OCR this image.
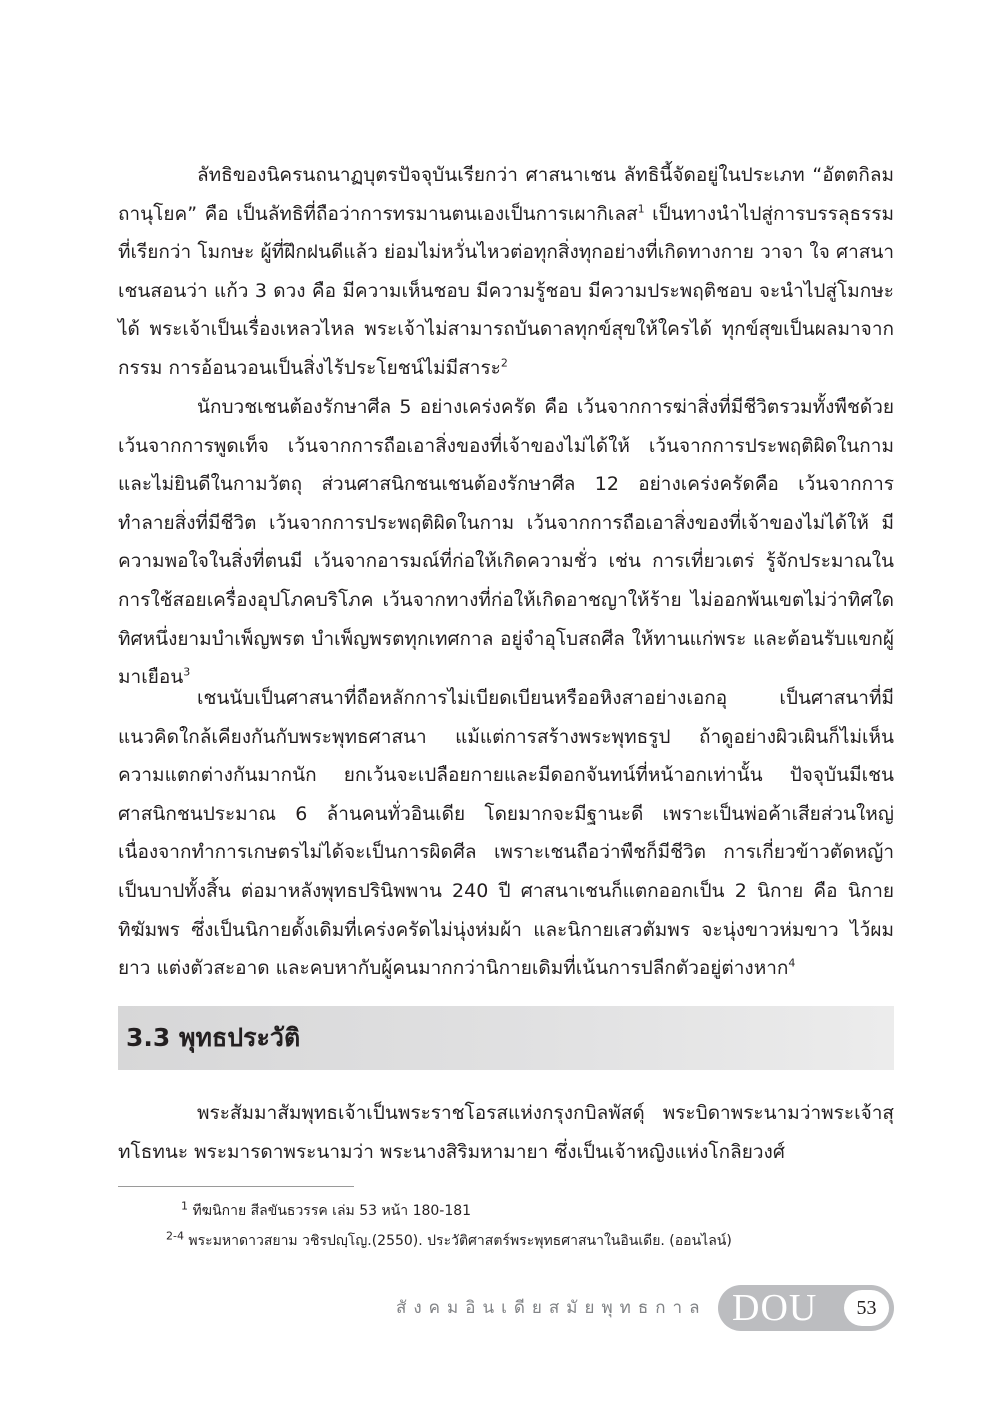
ลัทธิของนิครนถนาฏบุตรปัจจุบันเรียกว่า ศาสนาเชน ลัทธินี้จัดอยู่ในประเภท “อัตตกิลมถานุโยค” คือ เป็นลัทธิที่ถือว่าการทรมานตนเองเป็นการเผากิเลส$^1$ เป็นทางนำไปสู่การบรรลุธรรมที่เรียกว่า โมกษะ ผู้ที่ฝึกฝนดีแล้ว ย่อมไม่หวั่นไหวต่อทุกสิ่งทุกอย่างที่เกิดทางกาย วาจา ใจ ศาสนาเชนสอนว่า แก้ว 3 ดวง คือ มีความเห็นชอบ มีความรู้ชอบ มีความประพฤติชอบ จะนำไปสู่โมกษะได้ พระเจ้าเป็นเรื่องเหลวไหล พระเจ้าไม่สามารถบันดาลทุกข์สุขให้ใครได้ ทุกข์สุขเป็นผลมาจากกรรม การอ้อนวอนเป็นสิ่งไร้ประโยชน์ไม่มีสาระ$^2$

นักบวชเชนต้องรักษาศีล 5 อย่างเคร่งครัด คือ เว้นจากการฆ่าสิ่งที่มีชีวิตรวมทั้งพืชด้วย เว้นจากการพูดเท็จ เว้นจากการถือเอาสิ่งของที่เจ้าของไม่ได้ให้ เว้นจากการประพฤติผิดในกาม และไม่ยินดีในกามวัตถุ ส่วนศาสนิกชนเชนต้องรักษาศีล 12 อย่างเคร่งครัดคือ เว้นจากการทำลายสิ่งที่มีชีวิต เว้นจากการประพฤติผิดในกาม เว้นจากการถือเอาสิ่งของที่เจ้าของไม่ได้ให้ มีความพอใจในสิ่งที่ตนมี เว้นจากอารมณ์ที่ก่อให้เกิดความชั่ว เช่น การเที่ยวเตร่ รู้จักประมาณในการใช้สอยเครื่องอุปโภคบริโภค เว้นจากทางที่ก่อให้เกิดอาชญาให้ร้าย ไม่ออกพ้นเขตไม่ว่าทิศใดทิศหนึ่งยามบำเพ็ญพรต บำเพ็ญพรตทุกเทศกาล อยู่จำอุโบสถศีล ให้ทานแก่พระ และต้อนรับแขกผู้มาเยือน$^3$

เชนนับเป็นศาสนาที่ถือหลักการไม่เบียดเบียนหรืออหิงสาอย่างเอกอุ เป็นศาสนาที่มีแนวคิดใกล้เคียงกันกับพระพุทธศาสนา แม้แต่การสร้างพระพุทธรูป ถ้าดูอย่างผิวเผินก็ไม่เห็นความแตกต่างกันมากนัก ยกเว้นจะเปลือยกายและมีดอกจันทน์ที่หน้าอกเท่านั้น ปัจจุบันมีเชนศาสนิกชนประมาณ 6 ล้านคนทั่วอินเดีย โดยมากจะมีฐานะดี เพราะเป็นพ่อค้าเสียส่วนใหญ่ เนื่องจากทำการเกษตรไม่ได้จะเป็นการผิดศีล เพราะเชนถือว่าพืชก็มีชีวิต การเกี่ยวข้าวตัดหญ้าเป็นบาปทั้งสิ้น ต่อมาหลังพุทธปรินิพพาน 240 ปี ศาสนาเชนก็แตกออกเป็น 2 นิกาย คือ นิกายทิฆัมพร ซึ่งเป็นนิกายดั้งเดิมที่เคร่งครัดไม่นุ่งห่มผ้า และนิกายเสวตัมพร จะนุ่งขาวห่มขาว ไว้ผมยาว แต่งตัวสะอาด และคบหากับผู้คนมากกว่านิกายเดิมที่เน้นการปลีกตัวอยู่ต่างหาก$^4$

3.3 พุทธประวัติ

พระสัมมาสัมพุทธเจ้าเป็นพระราชโอรสแห่งกรุงกบิลพัสดุ์ พระบิดาพระนามว่าพระเจ้าสุทโธทนะ พระมารดาพระนามว่า พระนางสิริมหามายา ซึ่งเป็นเจ้าหญิงแห่งโกลิยวงศ์

$^1$ ทีฆนิกาย สีลขันธวรรค เล่ม 53 หน้า 180-181

$^{2-4}$ พระมหาดาวสยาม วชิรปญฺโญ.(2550). ประวัติศาสตร์พระพุทธศาสนาในอินเดีย. (ออนไลน์)

สังคมอินเดียสมัยพุทธกาล DOU	53
